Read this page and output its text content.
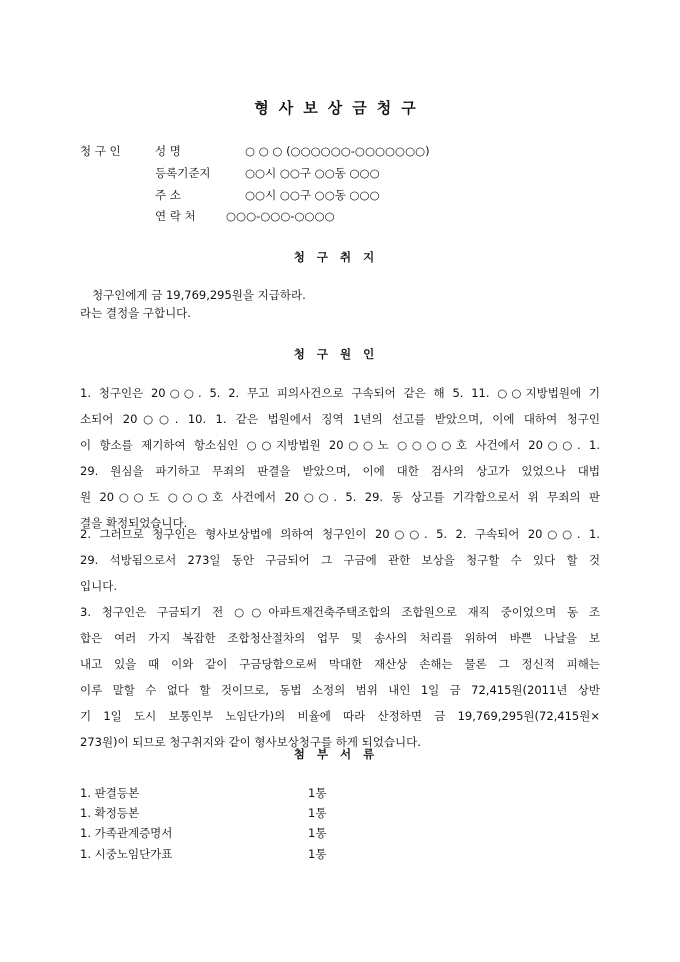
형사보상금청구
청 구 인	성 명	○ ○ ○ (○○○○○○-○○○○○○○)
등록기준지	○○시 ○○구 ○○동 ○○○
주 소	○○시 ○○구 ○○동 ○○○
연 락 처	○○○-○○○-○○○○
청구취지
청구인에게 금 19,769,295원을 지급하라.
라는 결정을 구합니다.
청구원인
1. 청구인은 20○○. 5. 2. 무고 피의사건으로 구속되어 같은 해 5. 11. ○○지방법원에 기
소되어 20○○. 10. 1. 같은 법원에서 징역 1년의 선고를 받았으며, 이에 대하여 청구인
이 항소를 제기하여 항소심인 ○○지방법원 20○○노 ○○○○호 사건에서 20○○. 1.
29. 원심을 파기하고 무죄의 판결을 받았으며, 이에 대한 검사의 상고가 있었으나 대법
원 20○○도 ○○○호 사건에서 20○○. 5. 29. 동 상고를 기각함으로서 위 무죄의 판
결을 확정되었습니다.
2. 그러므로 청구인은 형사보상법에 의하여 청구인이 20○○. 5. 2. 구속되어 20○○. 1.
29. 석방됨으로서 273일 동안 구금되어 그 구금에 관한 보상을 청구할 수 있다 할 것
입니다.
3. 청구인은 구금되기 전 ○○아파트재건축주택조합의 조합원으로 재직 중이었으며 동 조
합은 여러 가지 복잡한 조합청산절차의 업무 및 송사의 처리를 위하여 바쁜 나날을 보
내고 있을 때 이와 같이 구금당함으로써 막대한 재산상 손해는 물론 그 정신적 피해는
이루 말할 수 없다 할 것이므로, 동법 소정의 범위 내인 1일 금 72,415원(2011년 상반
기 1일 도시 보통인부 노임단가)의 비율에 따라 산정하면 금 19,769,295원(72,415원×
273원)이 되므로 청구취지와 같이 형사보상청구를 하게 되었습니다.
첨부서류
1. 판결등본	1통
1. 확정등본	1통
1. 가족관계증명서	1통
1. 시중노임단가표	1통
